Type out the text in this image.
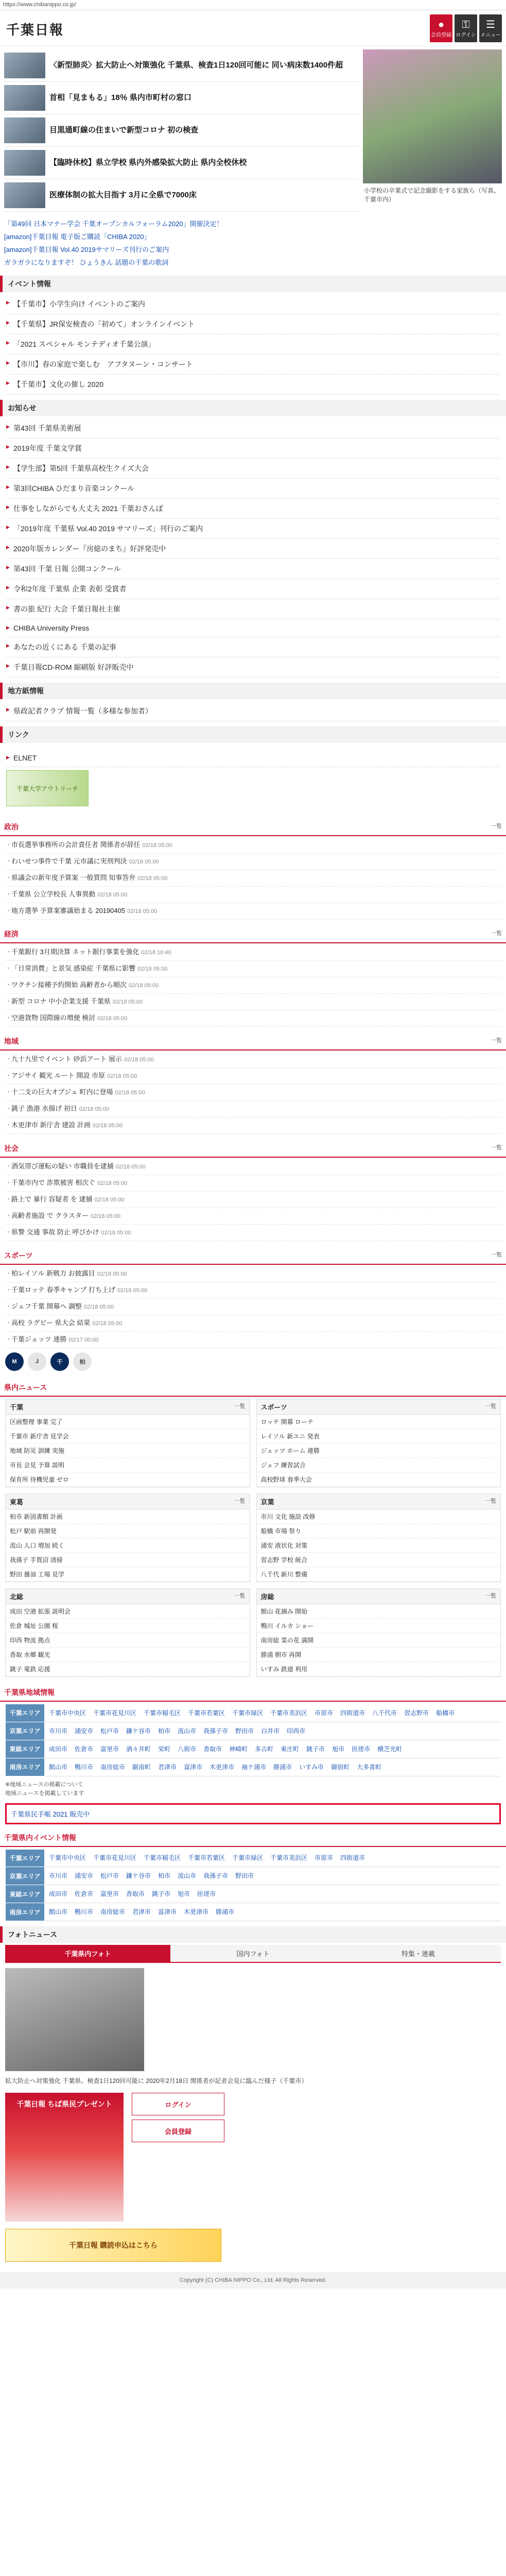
https://www.chibanippo.co.jp/
千葉日報	●
会員登録
⚿
ログイン
☰
メニュー
〈新型肺炎〉拡大防止へ対策強化 千葉県、検査1日120回可能に 同い病床数1400件超
首相「見まもる」18％ 県内市町村の窓口
目黒通町線の住まいで新型コロナ 初の検査
【臨時休校】県立学校 県内外感染拡大防止 県内全校休校
医療体制の拡大目指す 3月に全県で7000床	小学校の卒業式で記念撮影をする家族ら（写真、千葉市内）
「第49回 日本マナー学会 千葉オープンカルフォーラム2020」開催決定！
[amazon]千葉日報 電子版ご購読「CHIBA 2020」
[amazon]千葉日報 Vol.40 2019サマリーズ刊行のご案内
ガラガラになりますぞ！ ひょうきん 話題の千葉の歌詞
イベント情報
▶ 【千葉市】小学生向け イベントのご案内
▶ 【千葉県】JR保安検査の「初めて」オンラインイベント
▶ 「2021 スペシャル モンテディオ千葉公演」
▶ 【市川】春の家庭で楽しむ　アフタヌーン・コンサート
▶ 【千葉市】文化の催し 2020
お知らせ
▶ 第43回 千葉県美術展
▶ 2019年度 千葉文学賞
▶ 【学生部】第5回 千葉県高校生クイズ大会
▶ 第3回CHIBA ひだまり音楽コンクール
▶ 仕事をしながらでも大丈夫 2021 千葉おさんぽ
▶ 「2019年度 千葉県 Vol.40 2019 サマリーズ」刊行のご案内
▶ 2020年版カレンダー『房総のまち』好評発売中
▶ 第43回 千葉 日報 公開コンクール
▶ 令和2年度 千葉県 企業 表彰 受賞者
▶ 書の旅 紀行 大会 千葉日報社主催
▶ CHIBA University Press
▶ あなたの近くにある 千葉の記事
▶ 千葉日報CD-ROM 縮刷版 好評販売中
地方紙情報
▶ 県政記者クラブ 情報一覧（多様な参加者）
リンク
▶ ELNET
千葉大学アウトリーチ
政治	一覧
・ 市長選挙事務所の会計責任者 関係者が辞任 02/18 05:00
・ わいせつ事件で千葉 元市議に実刑判決 02/18 05:00
・ 県議会の新年度予算案 一般質問 知事答弁 02/18 05:00
・ 千葉県 公立学校長 人事異動 02/18 05:00
・ 地方選挙 予算案審議始まる 20190405 02/18 05:00
経済	一覧
・ 千葉銀行 3月期決算 ネット銀行事業を強化 02/18 10:40
・ 「日常消費」と景気 感染症 千葉県に影響 02/18 05:00
・ ワクチン接種予約開始 高齢者から順次 02/18 05:00
・ 新型 コロナ 中小企業支援 千葉県 02/18 05:00
・ 空港貨物 国際線の増便 検討 02/18 05:00
地域	一覧
・ 九十九里でイベント 砂浜アート 展示 02/18 05:00
・ アジサイ 観光 ルート 開設 市原 02/18 05:00
・ 十二支の巨大オブジェ 町内に登場 02/18 05:00
・ 銚子 漁港 水揚げ 初日 02/18 05:00
・ 木更津市 新庁舎 建設 計画 02/18 05:00
社会	一覧
・ 酒気帯び運転の疑い 市職員を逮捕 02/18 05:00
・ 千葉市内で 詐欺被害 相次ぐ 02/18 05:00
・ 路上で 暴行 容疑者 を 逮捕 02/18 05:00
・ 高齢者施設 で クラスター 02/18 05:00
・ 県警 交通 事故 防止 呼びかけ 02/18 05:00
スポーツ	一覧
・ 柏レイソル 新戦力 お披露目 02/18 05:00
・ 千葉ロッテ 春季キャンプ 打ち上げ 02/18 05:00
・ ジェフ千葉 開幕へ 調整 02/18 05:00
・ 高校 ラグビー 県大会 結果 02/18 05:00
・ 千葉ジェッツ 連勝 02/17 00:00
M	J	千	柏
県内ニュース
千葉	一覧
区画整理 事業 完了
千葉市 新庁舎 見学会
地域 防災 訓練 実施
市長 会見 予算 説明
保育所 待機児童 ゼロ
スポーツ	一覧
ロッテ 開幕 ローテ
レイソル 新ユニ 発表
ジェッツ ホーム 連勝
ジェフ 練習試合
高校野球 春季大会
東葛	一覧
柏市 新図書館 計画
松戸 駅前 再開発
流山 人口 増加 続く
我孫子 手賀沼 清掃
野田 醤油 工場 見学
京葉	一覧
市川 文化 施設 改修
船橋 市場 祭り
浦安 液状化 対策
習志野 学校 統合
八千代 新川 整備
北総	一覧
成田 空港 拡張 説明会
佐倉 城址 公園 桜
印西 物流 拠点
香取 水郷 観光
銚子 電鉄 応援
房総	一覧
館山 花摘み 開始
鴨川 イルカ ショー
南房総 菜の花 満開
勝浦 朝市 再開
いすみ 鉄道 利用
千葉県地域情報
千葉エリア	千葉市中央区 千葉市花見川区 千葉市稲毛区 千葉市若葉区 千葉市緑区 千葉市美浜区 市原市 四街道市 八千代市 習志野市 船橋市
京葉エリア	市川市 浦安市 松戸市 鎌ケ谷市 柏市 流山市 我孫子市 野田市 白井市 印西市
東総エリア	成田市 佐倉市 富里市 酒々井町 栄町 八街市 香取市 神崎町 多古町 東庄町 銚子市 旭市 匝瑳市 横芝光町
南房エリア	館山市 鴨川市 南房総市 鋸南町 君津市 富津市 木更津市 袖ケ浦市 勝浦市 いすみ市 御宿町 大多喜町
※地域ニュースの掲載について
地域ニュースを掲載しています
千葉県民手帳 2021 販売中
千葉県内イベント情報
千葉エリア	千葉市中央区 千葉市花見川区 千葉市稲毛区 千葉市若葉区 千葉市緑区 千葉市美浜区 市原市 四街道市
京葉エリア	市川市 浦安市 松戸市 鎌ケ谷市 柏市 流山市 我孫子市 野田市
東総エリア	成田市 佐倉市 富里市 香取市 銚子市 旭市 匝瑳市
南房エリア	館山市 鴨川市 南房総市 君津市 富津市 木更津市 勝浦市
フォトニュース
千葉県内フォト	国内フォト	特集・連載
拡大防止へ対策強化 千葉県、検査1日120回可能に 2020年2月18日 関係者が記者会見に臨んだ様子（千葉市）
千葉日報 ちば県民プレゼント	ログイン
会員登録
千葉日報 購読申込はこちら
Copyright (C) CHIBA NIPPO Co., Ltd. All Rights Reserved.
